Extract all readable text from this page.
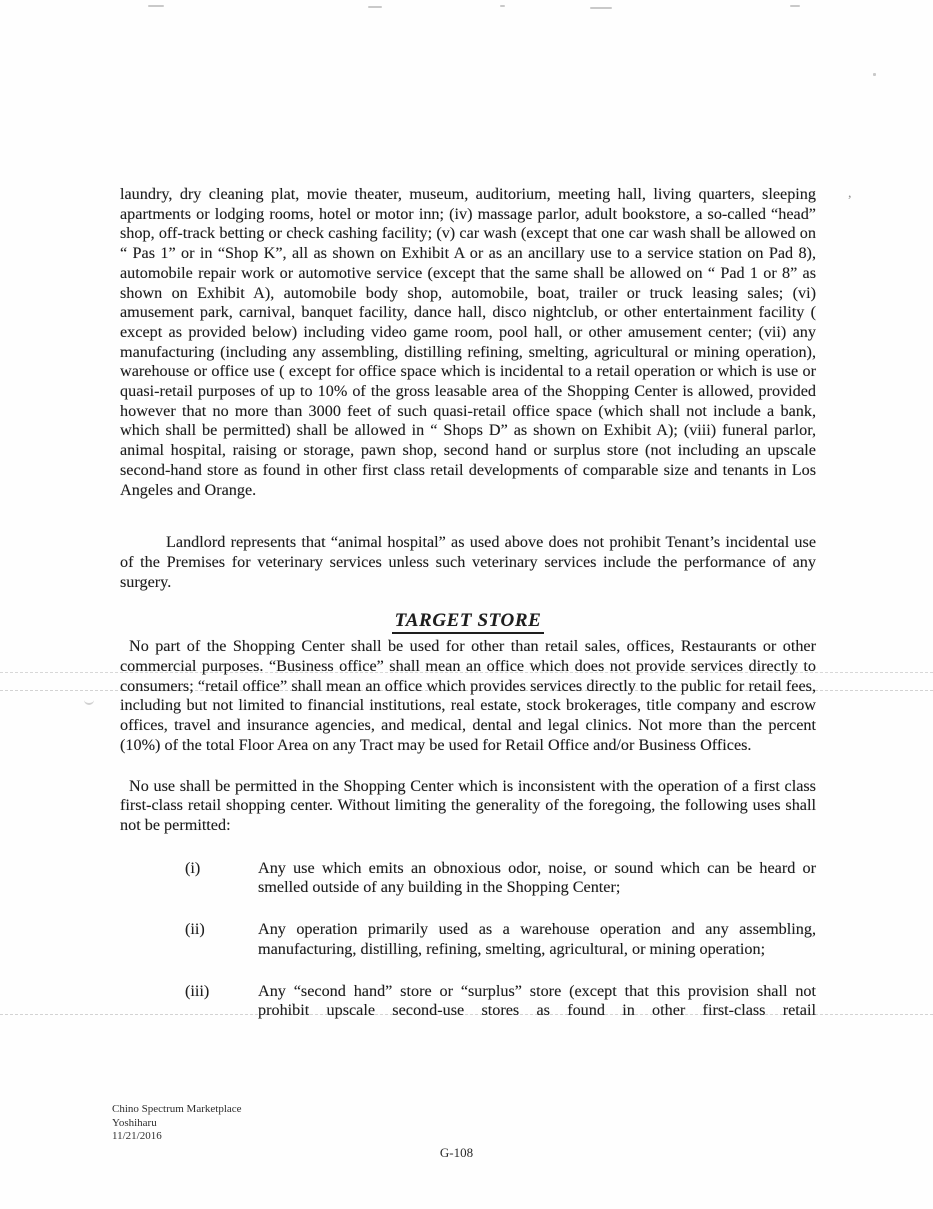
,

laundry, dry cleaning plat, movie theater, museum, auditorium, meeting hall, living quarters, sleeping apartments or lodging rooms, hotel or motor inn; (iv) massage parlor, adult bookstore, a so-called “head” shop, off-track betting or check cashing facility; (v) car wash (except that one car wash shall be allowed on “ Pas 1” or in “Shop K”, all as shown on Exhibit A or as an ancillary use to a service station on Pad 8), automobile repair work or automotive service (except that the same shall be allowed on “ Pad 1 or 8” as shown on Exhibit A), automobile body shop, automobile, boat, trailer or truck leasing sales; (vi) amusement park, carnival, banquet facility, dance hall, disco nightclub, or other entertainment facility ( except as provided below) including video game room, pool hall, or other amusement center; (vii) any manufacturing (including any assembling, distilling refining, smelting, agricultural or mining operation), warehouse or office use ( except for office space which is incidental to a retail operation or which is use or quasi-retail purposes of up to 10% of the gross leasable area of the Shopping Center is allowed, provided however that no more than 3000 feet of such quasi-retail office space (which shall not include a bank, which shall be permitted) shall be allowed in “ Shops D” as shown on Exhibit A); (viii) funeral parlor, animal hospital, raising or storage, pawn shop, second hand or surplus store (not including an upscale second-hand store as found in other first class retail developments of comparable size and tenants in Los Angeles and Orange.

Landlord represents that “animal hospital” as used above does not prohibit Tenant’s incidental use of the Premises for veterinary services unless such veterinary services include the performance of any surgery.

TARGET STORE

No part of the Shopping Center shall be used for other than retail sales, offices, Restaurants or other commercial purposes. “Business office” shall mean an office which does not provide services directly to consumers; “retail office” shall mean an office which provides services directly to the public for retail fees, including but not limited to financial institutions, real estate, stock brokerages, title company and escrow offices, travel and insurance agencies, and medical, dental and legal clinics. Not more than the percent (10%) of the total Floor Area on any Tract may be used for Retail Office and/or Business Offices.

No use shall be permitted in the Shopping Center which is inconsistent with the operation of a first class first-class retail shopping center. Without limiting the generality of the foregoing, the following uses shall not be permitted:

(i)	Any use which emits an obnoxious odor, noise, or sound which can be heard or smelled outside of any building in the Shopping Center;
(ii)	Any operation primarily used as a warehouse operation and any assembling, manufacturing, distilling, refining, smelting, agricultural, or mining operation;
(iii)	Any “second hand” store or “surplus” store (except that this provision shall not prohibit upscale second-use stores as found in other first-class retail
Chino Spectrum Marketplace
Yoshiharu
11/21/2016
G-108
